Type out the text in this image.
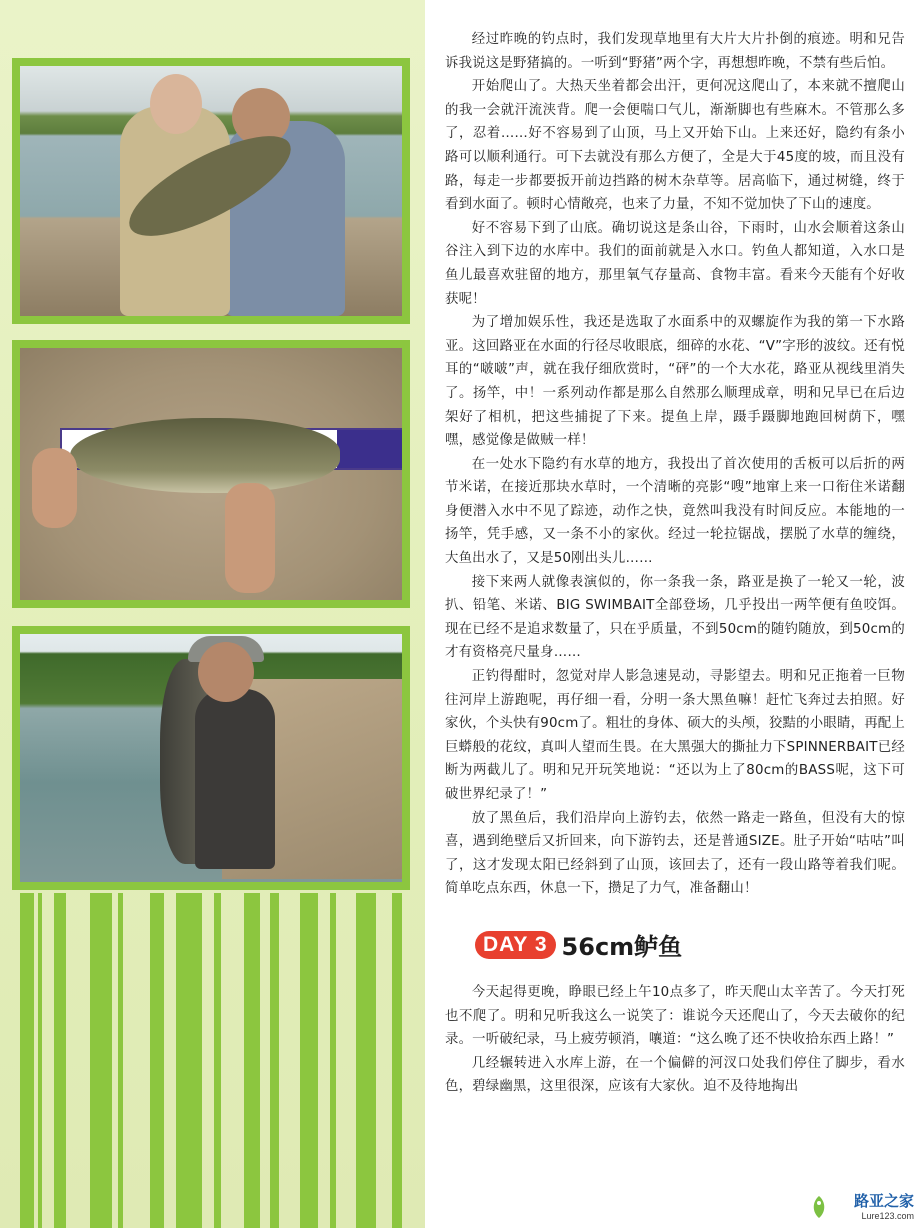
经过昨晚的钓点时，我们发现草地里有大片大片扑倒的痕迹。明和兄告诉我说这是野猪搞的。一听到“野猪”两个字，再想想昨晚，不禁有些后怕。

开始爬山了。大热天坐着都会出汗，更何况这爬山了，本来就不擅爬山的我一会就汗流浃背。爬一会便喘口气儿，渐渐脚也有些麻木。不管那么多了，忍着……好不容易到了山顶，马上又开始下山。上来还好，隐约有条小路可以顺利通行。可下去就没有那么方便了，全是大于45度的坡，而且没有路，每走一步都要扳开前边挡路的树木杂草等。居高临下，通过树缝，终于看到水面了。顿时心情敞亮，也来了力量，不知不觉加快了下山的速度。

好不容易下到了山底。确切说这是条山谷，下雨时，山水会顺着这条山谷注入到下边的水库中。我们的面前就是入水口。钓鱼人都知道，入水口是鱼儿最喜欢驻留的地方，那里氧气存量高、食物丰富。看来今天能有个好收获呢！

为了增加娱乐性，我还是选取了水面系中的双螺旋作为我的第一下水路亚。这回路亚在水面的行径尽收眼底，细碎的水花、“V”字形的波纹。还有悦耳的“啵啵”声，就在我仔细欣赏时，“砰”的一个大水花，路亚从视线里消失了。扬竿，中！一系列动作都是那么自然那么顺理成章，明和兄早已在后边架好了相机，把这些捕捉了下来。提鱼上岸，蹑手蹑脚地跑回树荫下，嘿嘿，感觉像是做贼一样！

在一处水下隐约有水草的地方，我投出了首次使用的舌板可以后折的两节米诺，在接近那块水草时，一个清晰的亮影“嗖”地窜上来一口衔住米诺翻身便潜入水中不见了踪迹，动作之快，竟然叫我没有时间反应。本能地的一扬竿，凭手感，又一条不小的家伙。经过一轮拉锯战，摆脱了水草的缠绕，大鱼出水了，又是50刚出头儿……

接下来两人就像表演似的，你一条我一条，路亚是换了一轮又一轮，波扒、铅笔、米诺、BIG SWIMBAIT全部登场，几乎投出一两竿便有鱼咬饵。现在已经不是追求数量了，只在乎质量，不到50cm的随钓随放，到50cm的才有资格亮尺量身……

正钓得酣时，忽觉对岸人影急速晃动，寻影望去。明和兄正拖着一巨物往河岸上游跑呢，再仔细一看，分明一条大黑鱼嘛！赶忙飞奔过去拍照。好家伙，个头快有90cm了。粗壮的身体、硕大的头颅，狡黠的小眼睛，再配上巨蟒般的花纹，真叫人望而生畏。在大黑强大的撕扯力下SPINNERBAIT已经断为两截儿了。明和兄开玩笑地说：“还以为上了80cm的BASS呢，这下可破世界纪录了！”

放了黑鱼后，我们沿岸向上游钓去，依然一路走一路鱼，但没有大的惊喜，遇到绝壁后又折回来，向下游钓去，还是普通SIZE。肚子开始“咕咕”叫了，这才发现太阳已经斜到了山顶，该回去了，还有一段山路等着我们呢。简单吃点东西，休息一下，攒足了力气，准备翻山！

DAY 3 56cm鲈鱼

今天起得更晚，睁眼已经上午10点多了，昨天爬山太辛苦了。今天打死也不爬了。明和兄听我这么一说笑了：谁说今天还爬山了，今天去破你的纪录。一听破纪录，马上疲劳顿消，嚷道：“这么晚了还不快收拾东西上路！”

几经辗转进入水库上游，在一个偏僻的河汊口处我们停住了脚步，看水色，碧绿幽黑，这里很深，应该有大家伙。迫不及待地掏出

路亚之家
Lure123.com
